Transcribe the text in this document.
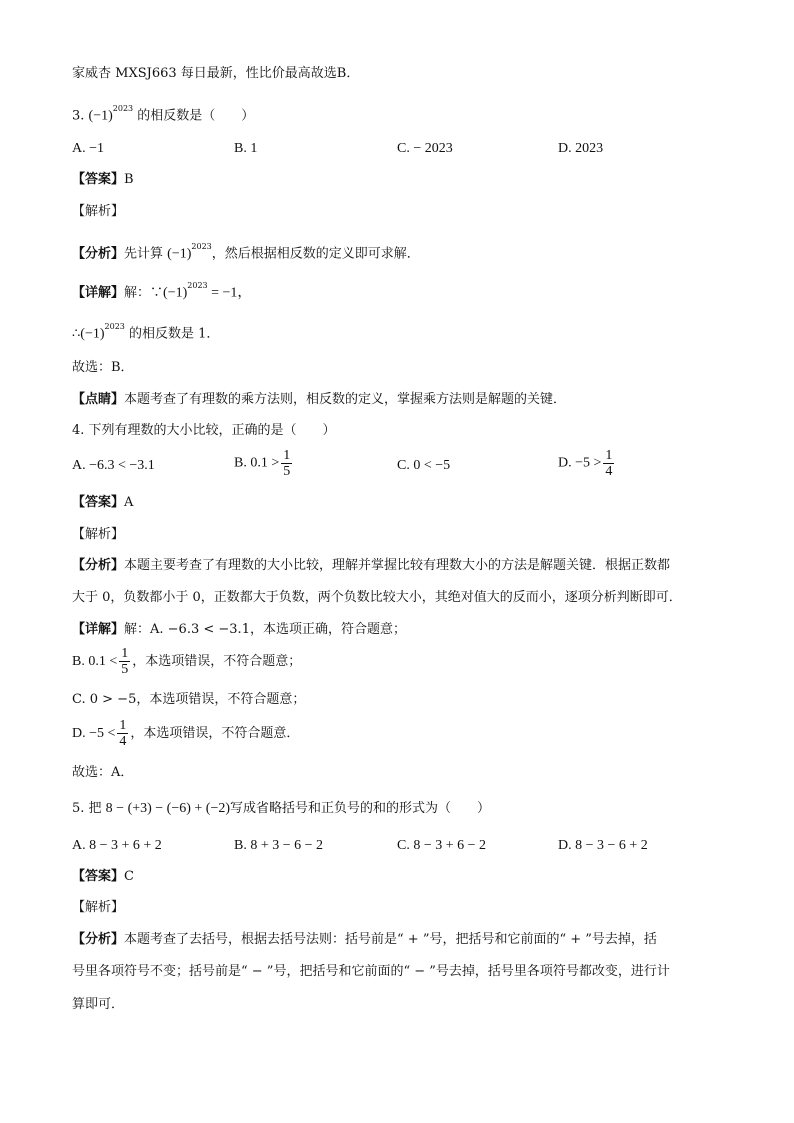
家威杏 MXSJ663 每日最新，性比价最高故选B．
3. $(-1)^{2023}$ 的相反数是（　　）
A. −1	B. 1	C. − 2023	D. 2023
【答案】B
【解析】
【分析】先计算 $(-1)^{2023}$，然后根据相反数的定义即可求解．
【详解】解：$\because(-1)^{2023} = -1$，
$\therefore(-1)^{2023}$ 的相反数是 1．
故选：B．
【点睛】本题考查了有理数的乘方法则，相反数的定义，掌握乘方法则是解题的关键．
4. 下列有理数的大小比较，正确的是（　　）
A. −6.3 < −3.1	B. $0.1 > \frac{1}{5}$	C. 0 < −5	D. $-5 > \frac{1}{4}$
【答案】A
【解析】
【分析】本题主要考查了有理数的大小比较，理解并掌握比较有理数大小的方法是解题关键．根据正数都
大于 0，负数都小于 0，正数都大于负数，两个负数比较大小，其绝对值大的反而小，逐项分析判断即可．
【详解】解：A. −6.3 < −3.1，本选项正确，符合题意；
B. $0.1 < \frac{1}{5}$ ，本选项错误，不符合题意；
C. 0 > −5，本选项错误，不符合题意；
D. $-5 < \frac{1}{4}$ ，本选项错误，不符合题意．
故选：A．
5. 把 8 − (+3) − (−6) + (−2)写成省略括号和正负号的和的形式为（　　）
A. 8 − 3 + 6 + 2	B. 8 + 3 − 6 − 2	C. 8 − 3 + 6 − 2	D. 8 − 3 − 6 + 2
【答案】C
【解析】
【分析】本题考查了去括号，根据去括号法则：括号前是“ + ”号，把括号和它前面的“ + ”号去掉，括
号里各项符号不变；括号前是“ − ”号，把括号和它前面的“ − ”号去掉，括号里各项符号都改变，进行计
算即可．
